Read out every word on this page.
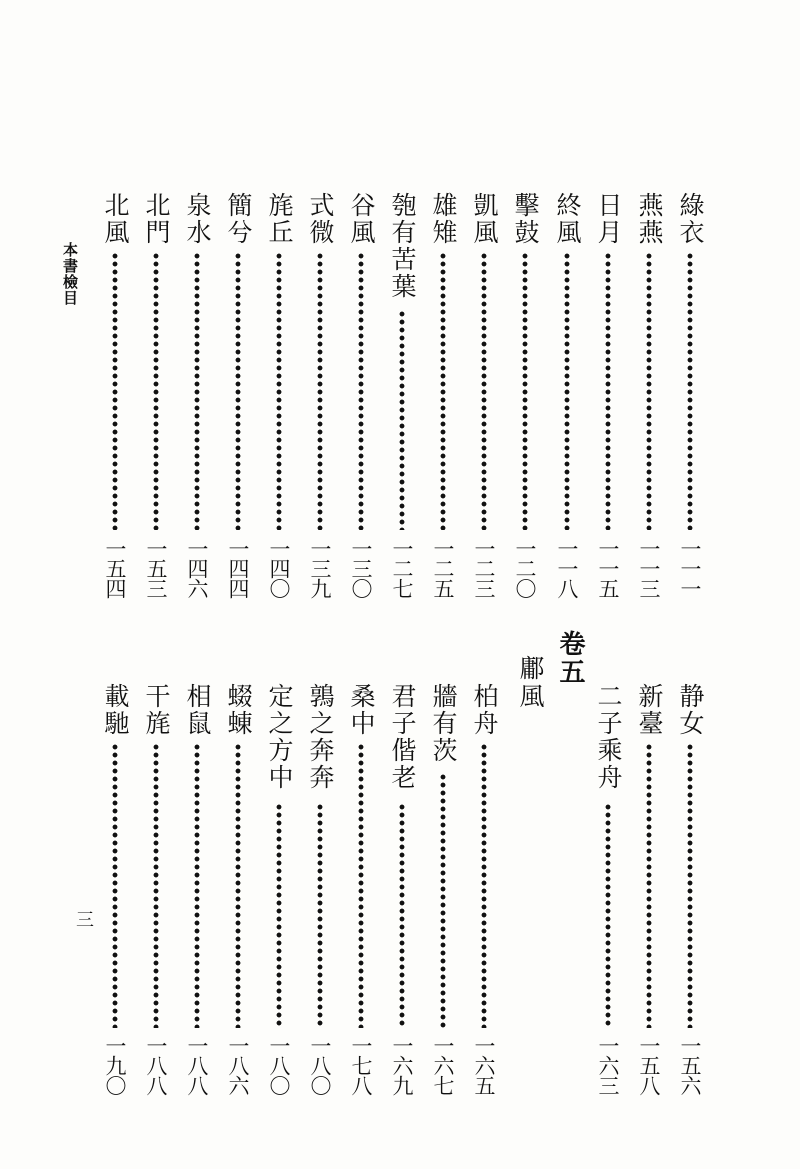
本書檢目
三
綠衣
一一一
燕燕
一一三
日月
一一五
終風
一一八
擊鼓
一二〇
凱風
一二三
雄雉
一二五
匏有苦葉
一二七
谷風
一三〇
式微
一三九
旄丘
一四〇
簡兮
一四四
泉水
一四六
北門
一五三
北風
一五四
静女
一五六
新臺
一五八
二子乘舟
一六三
卷五
鄘風
柏舟
一六五
牆有茨
一六七
君子偕老
一六九
桑中
一七八
鶉之奔奔
一八〇
定之方中
一八〇
蝃蝀
一八六
相鼠
一八八
干旄
一八八
載馳
一九〇
